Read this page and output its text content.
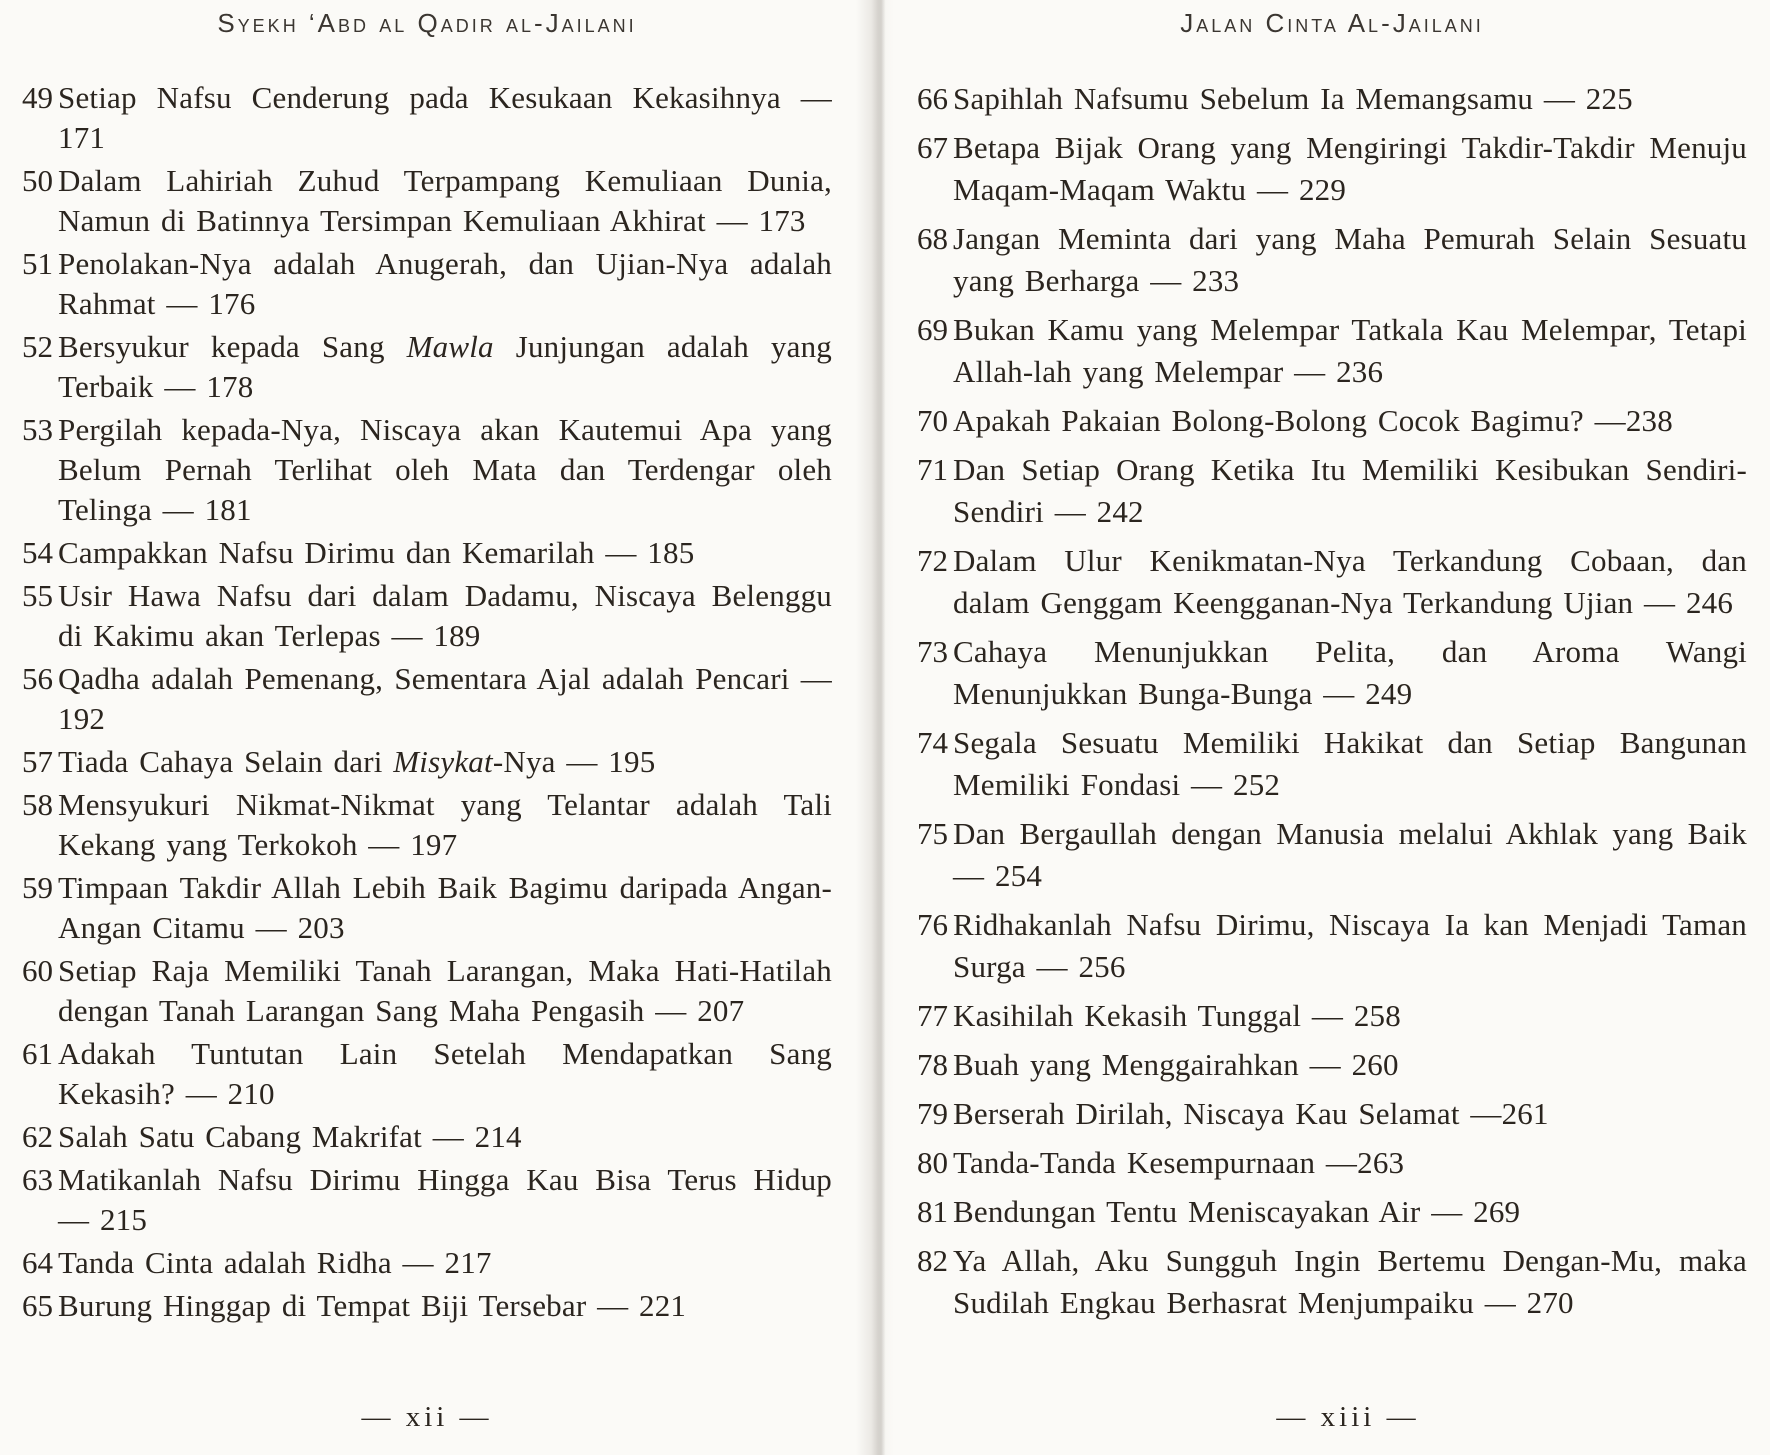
Syekh ‘Abd al Qadir al-Jailani
49 Setiap Nafsu Cenderung pada Kesukaan Kekasihnya — 171
50 Dalam Lahiriah Zuhud Terpampang Kemuliaan Dunia, Namun di Batinnya Tersimpan Kemuliaan Akhirat — 173
51 Penolakan-Nya adalah Anugerah, dan Ujian-Nya adalah Rahmat — 176
52 Bersyukur kepada Sang Mawla Junjungan adalah yang Terbaik — 178
53 Pergilah kepada-Nya, Niscaya akan Kautemui Apa yang Belum Pernah Terlihat oleh Mata dan Terdengar oleh Telinga — 181
54 Campakkan Nafsu Dirimu dan Kemarilah — 185
55 Usir Hawa Nafsu dari dalam Dadamu, Niscaya Belenggu di Kakimu akan Terlepas — 189
56 Qadha adalah Pemenang, Sementara Ajal adalah Pencari — 192
57 Tiada Cahaya Selain dari Misykat-Nya — 195
58 Mensyukuri Nikmat-Nikmat yang Telantar adalah Tali Kekang yang Terkokoh — 197
59 Timpaan Takdir Allah Lebih Baik Bagimu daripada Angan-Angan Citamu — 203
60 Setiap Raja Memiliki Tanah Larangan, Maka Hati-Hatilah dengan Tanah Larangan Sang Maha Pengasih — 207
61 Adakah Tuntutan Lain Setelah Mendapatkan Sang Kekasih? — 210
62 Salah Satu Cabang Makrifat — 214
63 Matikanlah Nafsu Dirimu Hingga Kau Bisa Terus Hidup — 215
64 Tanda Cinta adalah Ridha — 217
65 Burung Hinggap di Tempat Biji Tersebar — 221
— xii —
Jalan Cinta Al-Jailani
66 Sapihlah Nafsumu Sebelum Ia Memangsamu — 225
67 Betapa Bijak Orang yang Mengiringi Takdir-Takdir Menuju Maqam-Maqam Waktu — 229
68 Jangan Meminta dari yang Maha Pemurah Selain Sesuatu yang Berharga — 233
69 Bukan Kamu yang Melempar Tatkala Kau Melempar, Tetapi Allah-lah yang Melempar — 236
70 Apakah Pakaian Bolong-Bolong Cocok Bagimu? —238
71 Dan Setiap Orang Ketika Itu Memiliki Kesibukan Sendiri-Sendiri — 242
72 Dalam Ulur Kenikmatan-Nya Terkandung Cobaan, dan dalam Genggam Keengganan-Nya Terkandung Ujian — 246
73 Cahaya Menunjukkan Pelita, dan Aroma Wangi Menunjukkan Bunga-Bunga — 249
74 Segala Sesuatu Memiliki Hakikat dan Setiap Bangunan Memiliki Fondasi — 252
75 Dan Bergaullah dengan Manusia melalui Akhlak yang Baik — 254
76 Ridhakanlah Nafsu Dirimu, Niscaya Ia kan Menjadi Taman Surga — 256
77 Kasihilah Kekasih Tunggal — 258
78 Buah yang Menggairahkan — 260
79 Berserah Dirilah, Niscaya Kau Selamat —261
80 Tanda-Tanda Kesempurnaan —263
81 Bendungan Tentu Meniscayakan Air — 269
82 Ya Allah, Aku Sungguh Ingin Bertemu Dengan-Mu, maka Sudilah Engkau Berhasrat Menjumpaiku — 270
— xiii —
